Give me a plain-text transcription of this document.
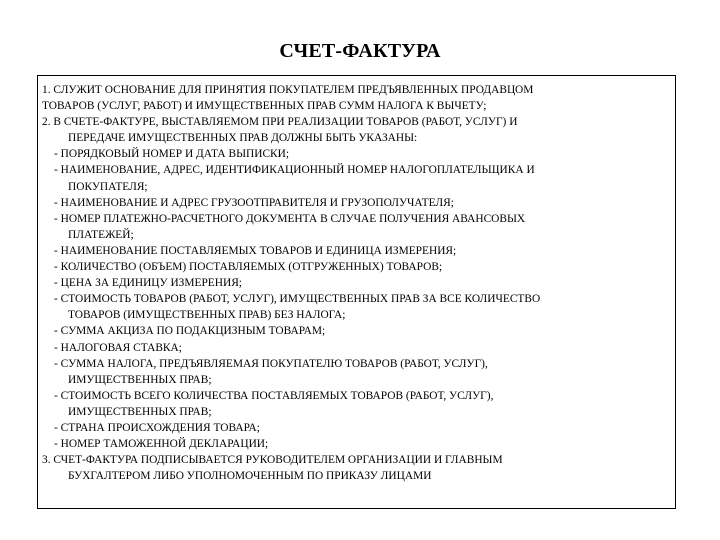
СЧЕТ-ФАКТУРА
1. СЛУЖИТ ОСНОВАНИЕ ДЛЯ ПРИНЯТИЯ ПОКУПАТЕЛЕМ ПРЕДЪЯВЛЕННЫХ ПРОДАВЦОМ
ТОВАРОВ (УСЛУГ, РАБОТ) И ИМУЩЕСТВЕННЫХ ПРАВ СУММ НАЛОГА К ВЫЧЕТУ;
2. В СЧЕТЕ-ФАКТУРЕ, ВЫСТАВЛЯЕМОМ ПРИ РЕАЛИЗАЦИИ ТОВАРОВ (РАБОТ, УСЛУГ) И
ПЕРЕДАЧЕ ИМУЩЕСТВЕННЫХ ПРАВ ДОЛЖНЫ БЫТЬ УКАЗАНЫ:
- ПОРЯДКОВЫЙ НОМЕР И ДАТА ВЫПИСКИ;
- НАИМЕНОВАНИЕ, АДРЕС, ИДЕНТИФИКАЦИОННЫЙ НОМЕР НАЛОГОПЛАТЕЛЬЩИКА И
ПОКУПАТЕЛЯ;
- НАИМЕНОВАНИЕ И АДРЕС ГРУЗООТПРАВИТЕЛЯ И ГРУЗОПОЛУЧАТЕЛЯ;
- НОМЕР ПЛАТЕЖНО-РАСЧЕТНОГО ДОКУМЕНТА В СЛУЧАЕ ПОЛУЧЕНИЯ АВАНСОВЫХ
ПЛАТЕЖЕЙ;
- НАИМЕНОВАНИЕ ПОСТАВЛЯЕМЫХ ТОВАРОВ И ЕДИНИЦА ИЗМЕРЕНИЯ;
- КОЛИЧЕСТВО (ОБЪЕМ) ПОСТАВЛЯЕМЫХ (ОТГРУЖЕННЫХ) ТОВАРОВ;
- ЦЕНА ЗА ЕДИНИЦУ ИЗМЕРЕНИЯ;
- СТОИМОСТЬ ТОВАРОВ (РАБОТ, УСЛУГ), ИМУЩЕСТВЕННЫХ ПРАВ ЗА ВСЕ КОЛИЧЕСТВО
ТОВАРОВ (ИМУЩЕСТВЕННЫХ ПРАВ) БЕЗ НАЛОГА;
- СУММА АКЦИЗА ПО ПОДАКЦИЗНЫМ ТОВАРАМ;
- НАЛОГОВАЯ СТАВКА;
- СУММА НАЛОГА, ПРЕДЪЯВЛЯЕМАЯ ПОКУПАТЕЛЮ ТОВАРОВ (РАБОТ, УСЛУГ),
ИМУЩЕСТВЕННЫХ ПРАВ;
- СТОИМОСТЬ ВСЕГО КОЛИЧЕСТВА ПОСТАВЛЯЕМЫХ ТОВАРОВ (РАБОТ, УСЛУГ),
ИМУЩЕСТВЕННЫХ ПРАВ;
- СТРАНА ПРОИСХОЖДЕНИЯ ТОВАРА;
- НОМЕР ТАМОЖЕННОЙ ДЕКЛАРАЦИИ;
3. СЧЕТ-ФАКТУРА ПОДПИСЫВАЕТСЯ РУКОВОДИТЕЛЕМ ОРГАНИЗАЦИИ И ГЛАВНЫМ
БУХГАЛТЕРОМ ЛИБО УПОЛНОМОЧЕННЫМ ПО ПРИКАЗУ ЛИЦАМИ
